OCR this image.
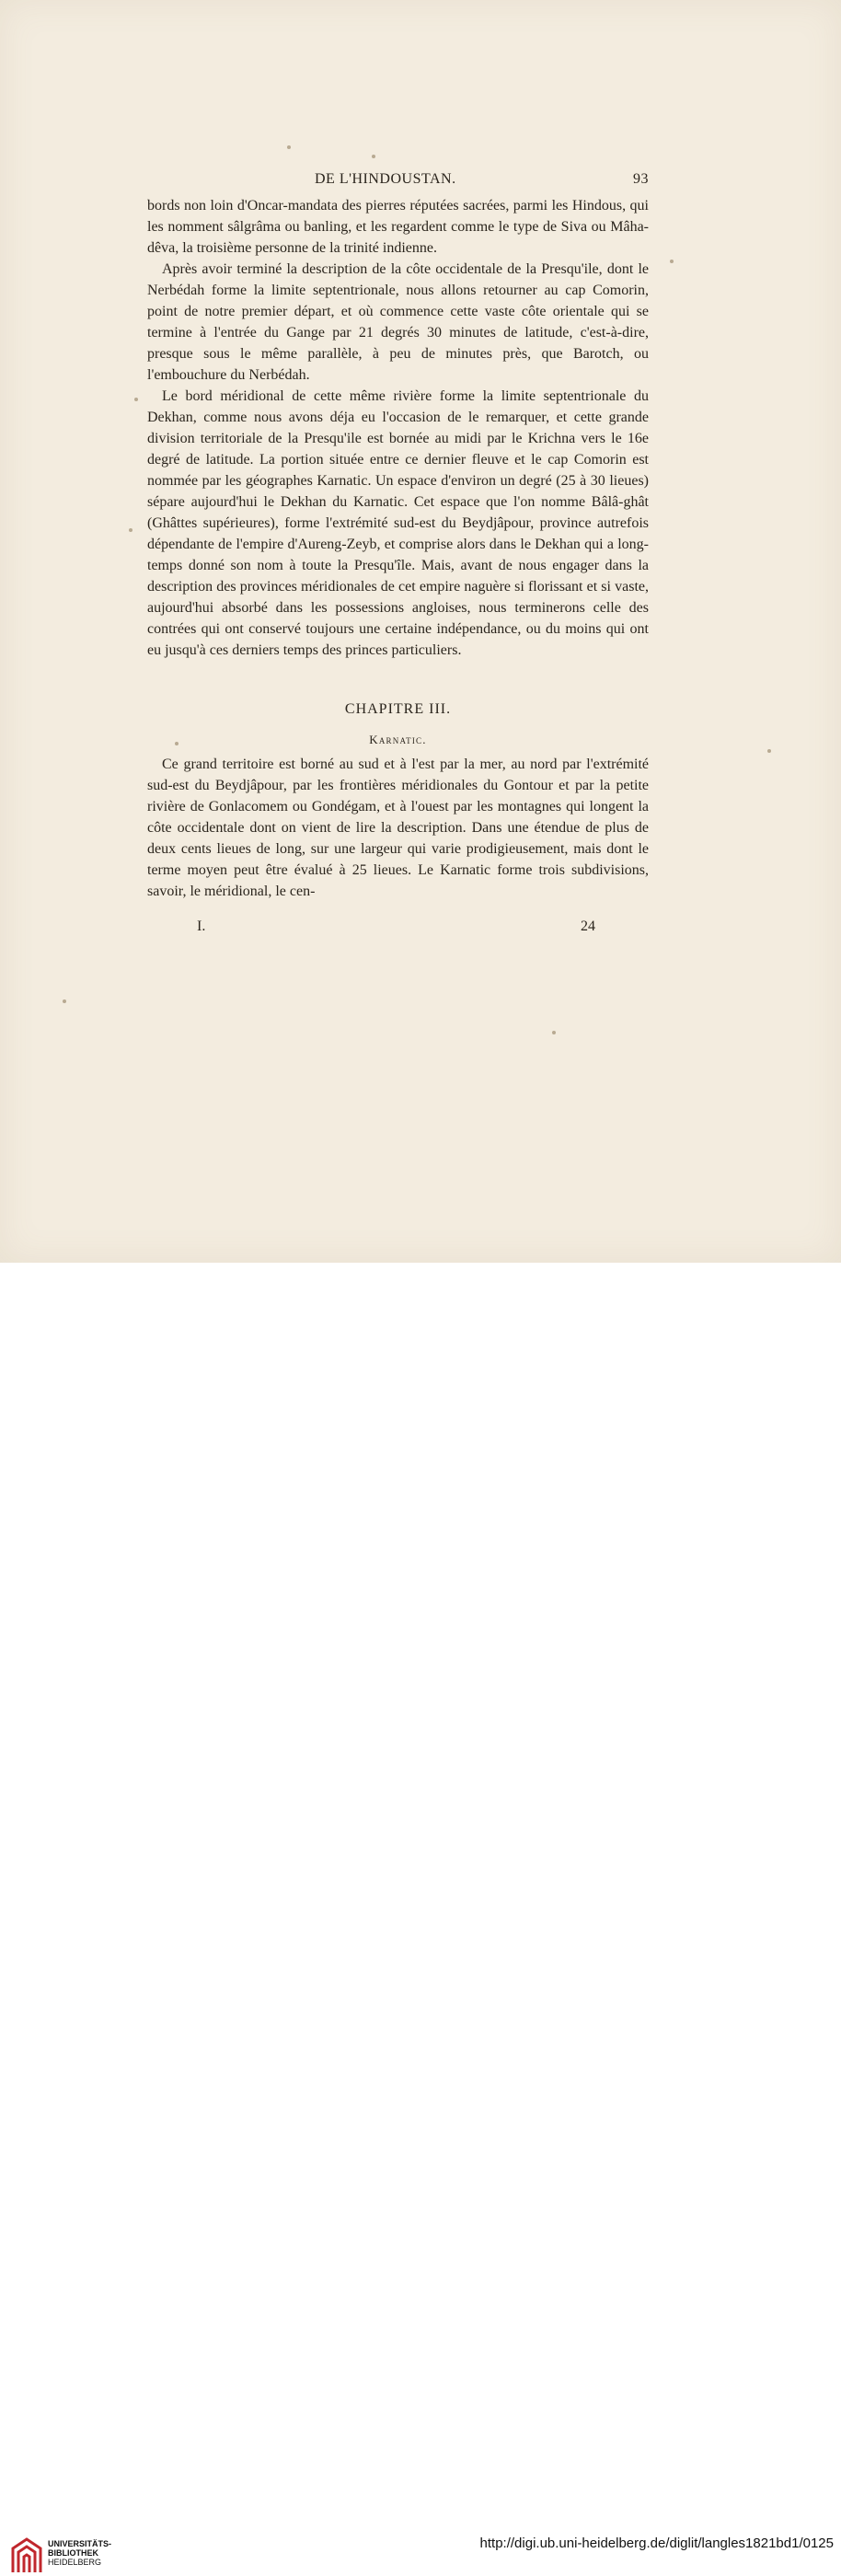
DE L'HINDOUSTAN.	93

bords non loin d'Oncar-mandata des pierres réputées sacrées, parmi les Hindous, qui les nomment sâlgrâma ou banling, et les regardent comme le type de Siva ou Mâha-dêva, la troisième personne de la trinité indienne.

Après avoir terminé la description de la côte occidentale de la Presqu'ile, dont le Nerbédah forme la limite septentrionale, nous allons retourner au cap Comorin, point de notre premier départ, et où commence cette vaste côte orientale qui se termine à l'entrée du Gange par 21 degrés 30 minutes de latitude, c'est-à-dire, presque sous le même parallèle, à peu de minutes près, que Barotch, ou l'embouchure du Nerbédah.

Le bord méridional de cette même rivière forme la limite septentrionale du Dekhan, comme nous avons déja eu l'occasion de le remarquer, et cette grande division territoriale de la Presqu'ile est bornée au midi par le Krichna vers le 16e degré de latitude. La portion située entre ce dernier fleuve et le cap Comorin est nommée par les géographes Karnatic. Un espace d'environ un degré (25 à 30 lieues) sépare aujourd'hui le Dekhan du Karnatic. Cet espace que l'on nomme Bâlâ-ghât (Ghâttes supérieures), forme l'extrémité sud-est du Beydjâpour, province autrefois dépendante de l'empire d'Aureng-Zeyb, et comprise alors dans le Dekhan qui a long-temps donné son nom à toute la Presqu'île. Mais, avant de nous engager dans la description des provinces méridionales de cet empire naguère si florissant et si vaste, aujourd'hui absorbé dans les possessions angloises, nous terminerons celle des contrées qui ont conservé toujours une certaine indépendance, ou du moins qui ont eu jusqu'à ces derniers temps des princes particuliers.

CHAPITRE III.
Karnatic.

Ce grand territoire est borné au sud et à l'est par la mer, au nord par l'extrémité sud-est du Beydjâpour, par les frontières méridionales du Gontour et par la petite rivière de Gonlacomem ou Gondégam, et à l'ouest par les montagnes qui longent la côte occidentale dont on vient de lire la description. Dans une étendue de plus de deux cents lieues de long, sur une largeur qui varie prodigieusement, mais dont le terme moyen peut être évalué à 25 lieues. Le Karnatic forme trois subdivisions, savoir, le méridional, le cen-

I.	24
UNIVERSITÄTS-
BIBLIOTHEK
HEIDELBERG
http://digi.ub.uni-heidelberg.de/diglit/langles1821bd1/0125
